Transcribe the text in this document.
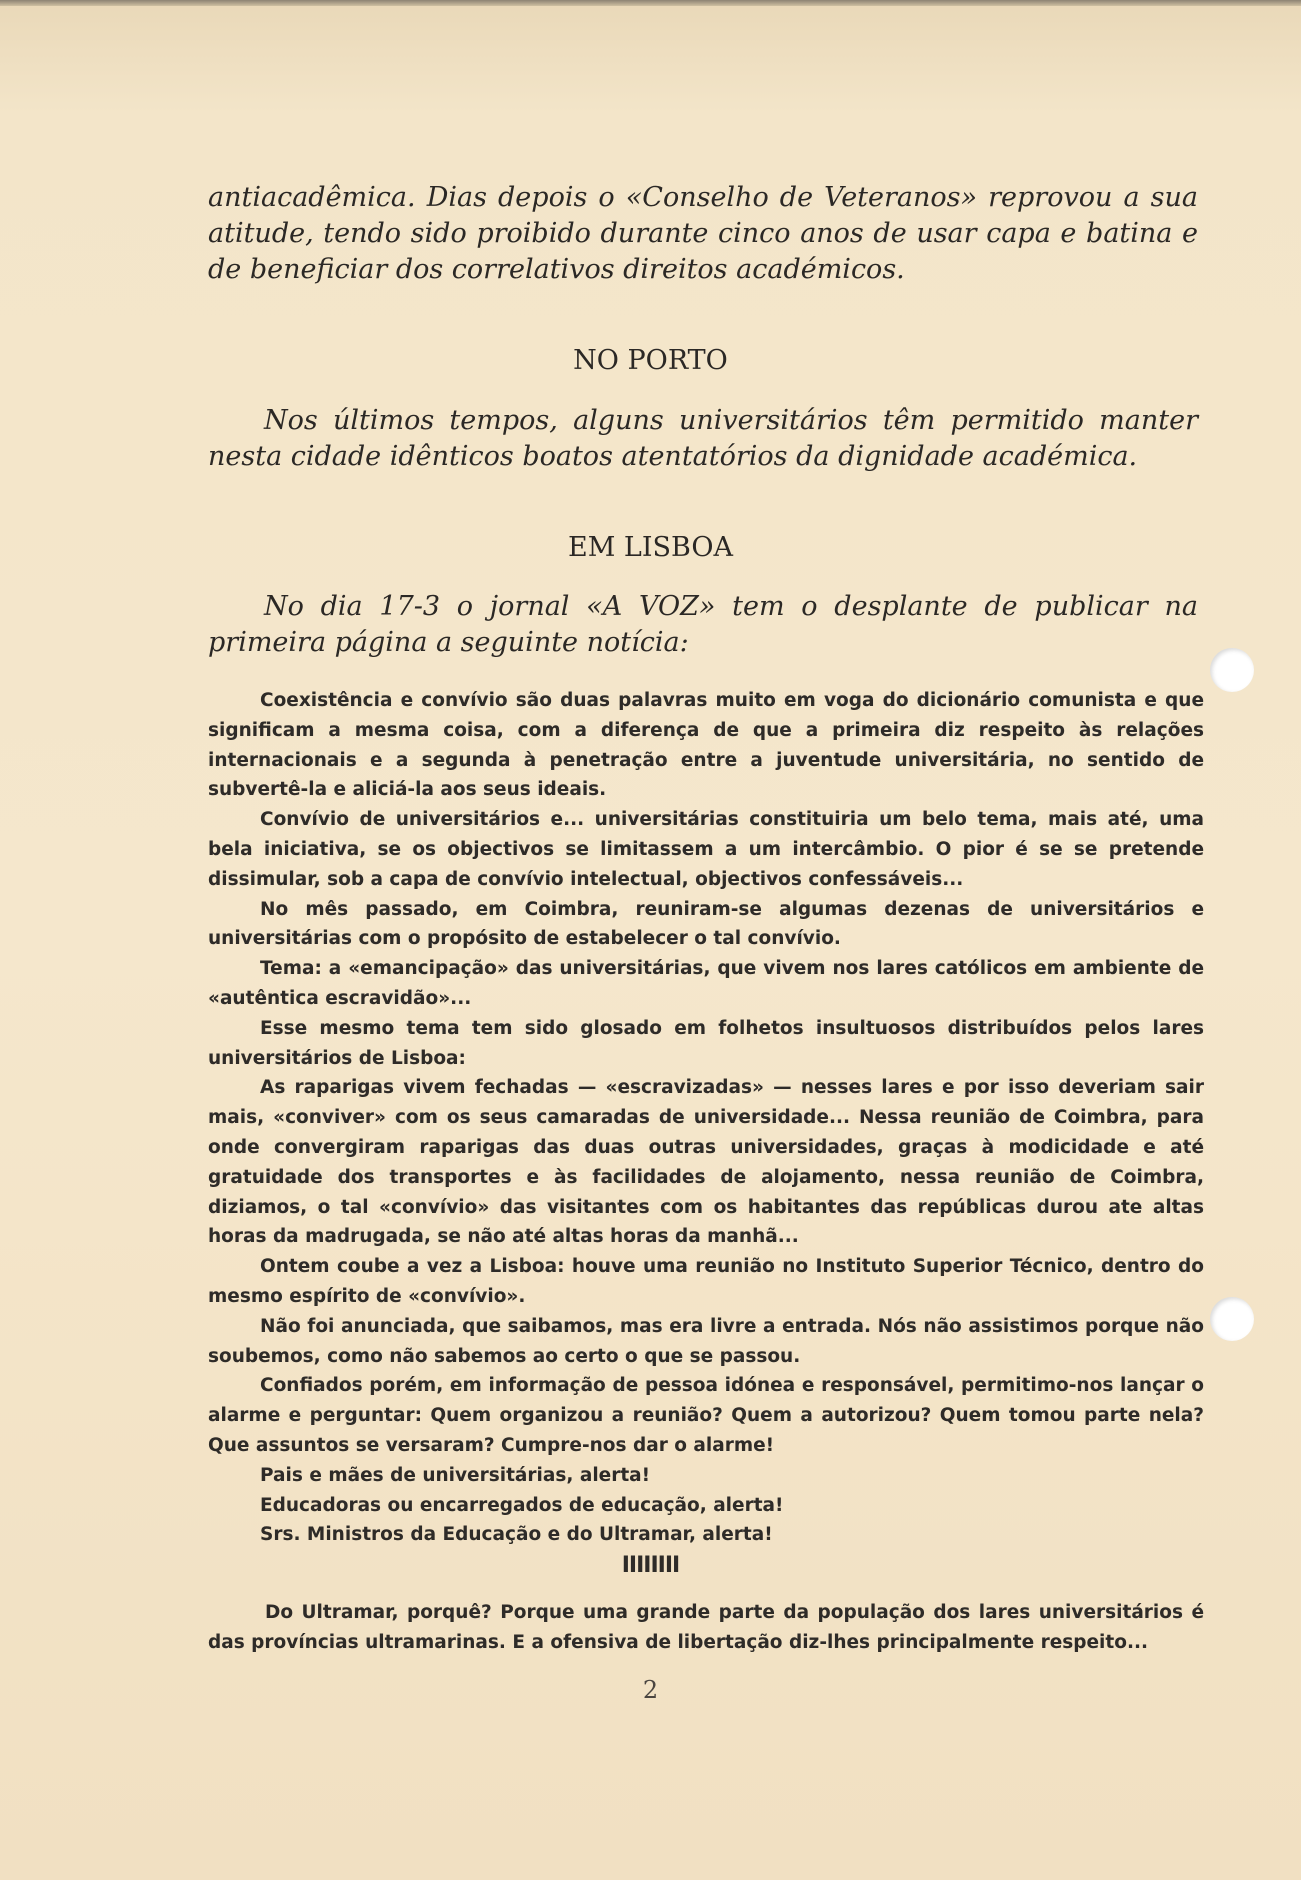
antiacadêmica. Dias depois o «Conselho de Veteranos» reprovou a sua atitude, tendo sido proibido durante cinco anos de usar capa e batina e de beneficiar dos correlativos direitos académicos.

NO PORTO

Nos últimos tempos, alguns universitários têm permitido manter nesta cidade idênticos boatos atentatórios da dignidade académica.

EM LISBOA

No dia 17-3 o jornal «A VOZ» tem o desplante de publicar na primeira página a seguinte notícia:

Coexistência e convívio são duas palavras muito em voga do dicionário comunista e que significam a mesma coisa, com a diferença de que a primeira diz respeito às relações internacionais e a segunda à penetração entre a juventude universitária, no sentido de subvertê-la e aliciá-la aos seus ideais.

Convívio de universitários e... universitárias constituiria um belo tema, mais até, uma bela iniciativa, se os objectivos se limitassem a um intercâmbio. O pior é se se pretende dissimular, sob a capa de convívio intelectual, objectivos confessáveis...

No mês passado, em Coimbra, reuniram-se algumas dezenas de universitários e universitárias com o propósito de estabelecer o tal convívio.

Tema: a «emancipação» das universitárias, que vivem nos lares católicos em ambiente de «autêntica escravidão»...

Esse mesmo tema tem sido glosado em folhetos insultuosos distribuídos pelos lares universitários de Lisboa:

As raparigas vivem fechadas — «escravizadas» — nesses lares e por isso deveriam sair mais, «conviver» com os seus camaradas de universidade... Nessa reunião de Coimbra, para onde convergiram raparigas das duas outras universidades, graças à modicidade e até gratuidade dos transportes e às facilidades de alojamento, nessa reunião de Coimbra, diziamos, o tal «convívio» das visitantes com os habitantes das repúblicas durou ate altas horas da madrugada, se não até altas horas da manhã...

Ontem coube a vez a Lisboa: houve uma reunião no Instituto Superior Técnico, dentro do mesmo espírito de «convívio».

Não foi anunciada, que saibamos, mas era livre a entrada. Nós não assistimos porque não soubemos, como não sabemos ao certo o que se passou.

Confiados porém, em informação de pessoa idónea e responsável, permitimo-nos lançar o alarme e perguntar: Quem organizou a reunião? Quem a autorizou? Quem tomou parte nela? Que assuntos se versaram? Cumpre-nos dar o alarme!

Pais e mães de universitárias, alerta!

Educadoras ou encarregados de educação, alerta!

Srs. Ministros da Educação e do Ultramar, alerta!

IIIIIIII

Do Ultramar, porquê? Porque uma grande parte da população dos lares universitários é das províncias ultramarinas. E a ofensiva de libertação diz-lhes principalmente respeito...

2
